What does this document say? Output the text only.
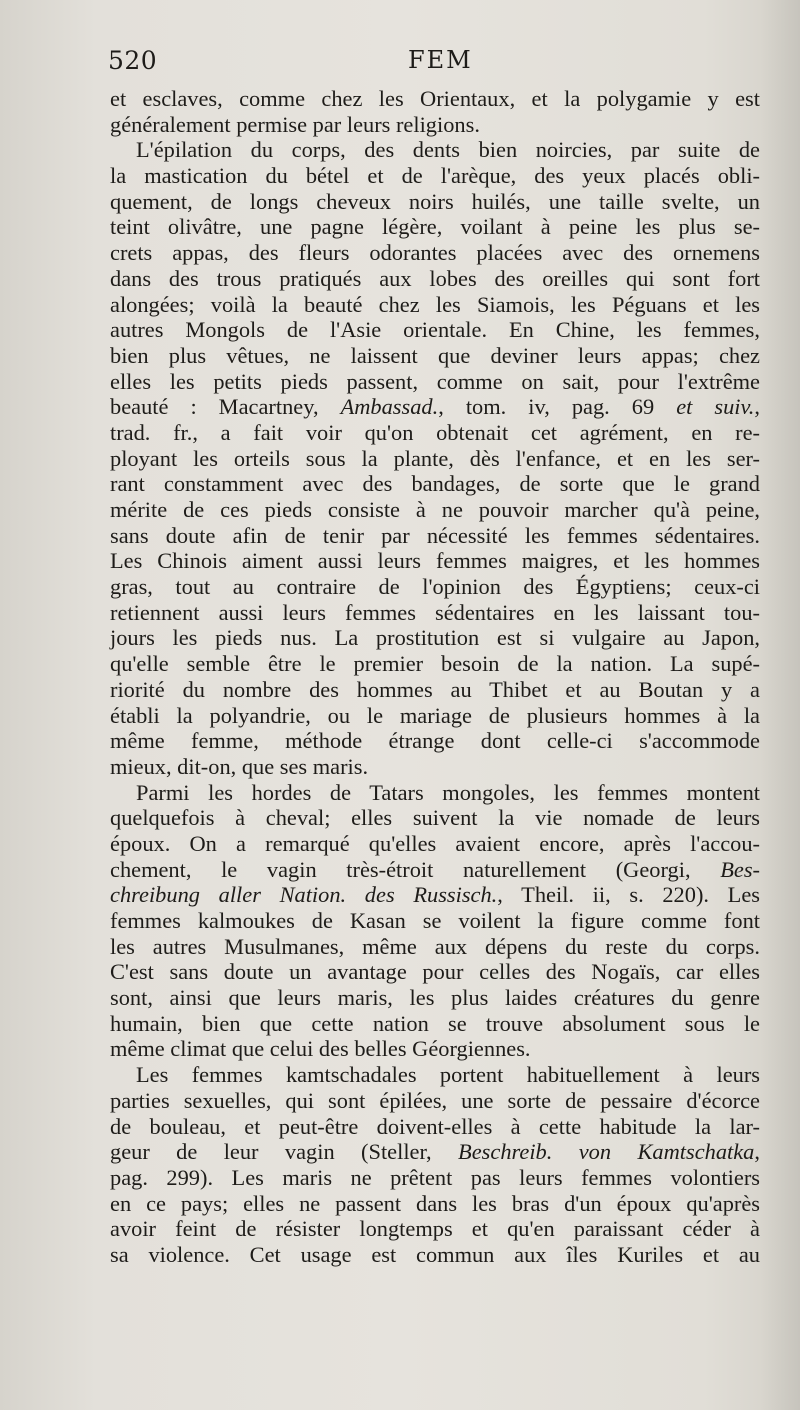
520	FEM
et esclaves, comme chez les Orientaux, et la polygamie y est
généralement permise par leurs religions.
L'épilation du corps, des dents bien noircies, par suite de
la mastication du bétel et de l'arèque, des yeux placés obli-
quement, de longs cheveux noirs huilés, une taille svelte, un
teint olivâtre, une pagne légère, voilant à peine les plus se-
crets appas, des fleurs odorantes placées avec des ornemens
dans des trous pratiqués aux lobes des oreilles qui sont fort
alongées; voilà la beauté chez les Siamois, les Péguans et les
autres Mongols de l'Asie orientale. En Chine, les femmes,
bien plus vêtues, ne laissent que deviner leurs appas; chez
elles les petits pieds passent, comme on sait, pour l'extrême
beauté : Macartney, Ambassad., tom. iv, pag. 69 et suiv.,
trad. fr., a fait voir qu'on obtenait cet agrément, en re-
ployant les orteils sous la plante, dès l'enfance, et en les ser-
rant constamment avec des bandages, de sorte que le grand
mérite de ces pieds consiste à ne pouvoir marcher qu'à peine,
sans doute afin de tenir par nécessité les femmes sédentaires.
Les Chinois aiment aussi leurs femmes maigres, et les hommes
gras, tout au contraire de l'opinion des Égyptiens; ceux-ci
retiennent aussi leurs femmes sédentaires en les laissant tou-
jours les pieds nus. La prostitution est si vulgaire au Japon,
qu'elle semble être le premier besoin de la nation. La supé-
riorité du nombre des hommes au Thibet et au Boutan y a
établi la polyandrie, ou le mariage de plusieurs hommes à la
même femme, méthode étrange dont celle-ci s'accommode
mieux, dit-on, que ses maris.
Parmi les hordes de Tatars mongoles, les femmes montent
quelquefois à cheval; elles suivent la vie nomade de leurs
époux. On a remarqué qu'elles avaient encore, après l'accou-
chement, le vagin très-étroit naturellement (Georgi, Bes-
chreibung aller Nation. des Russisch., Theil. ii, s. 220). Les
femmes kalmoukes de Kasan se voilent la figure comme font
les autres Musulmanes, même aux dépens du reste du corps.
C'est sans doute un avantage pour celles des Nogaïs, car elles
sont, ainsi que leurs maris, les plus laides créatures du genre
humain, bien que cette nation se trouve absolument sous le
même climat que celui des belles Géorgiennes.
Les femmes kamtschadales portent habituellement à leurs
parties sexuelles, qui sont épilées, une sorte de pessaire d'écorce
de bouleau, et peut-être doivent-elles à cette habitude la lar-
geur de leur vagin (Steller, Beschreib. von Kamtschatka,
pag. 299). Les maris ne prêtent pas leurs femmes volontiers
en ce pays; elles ne passent dans les bras d'un époux qu'après
avoir feint de résister longtemps et qu'en paraissant céder à
sa violence. Cet usage est commun aux îles Kuriles et au
